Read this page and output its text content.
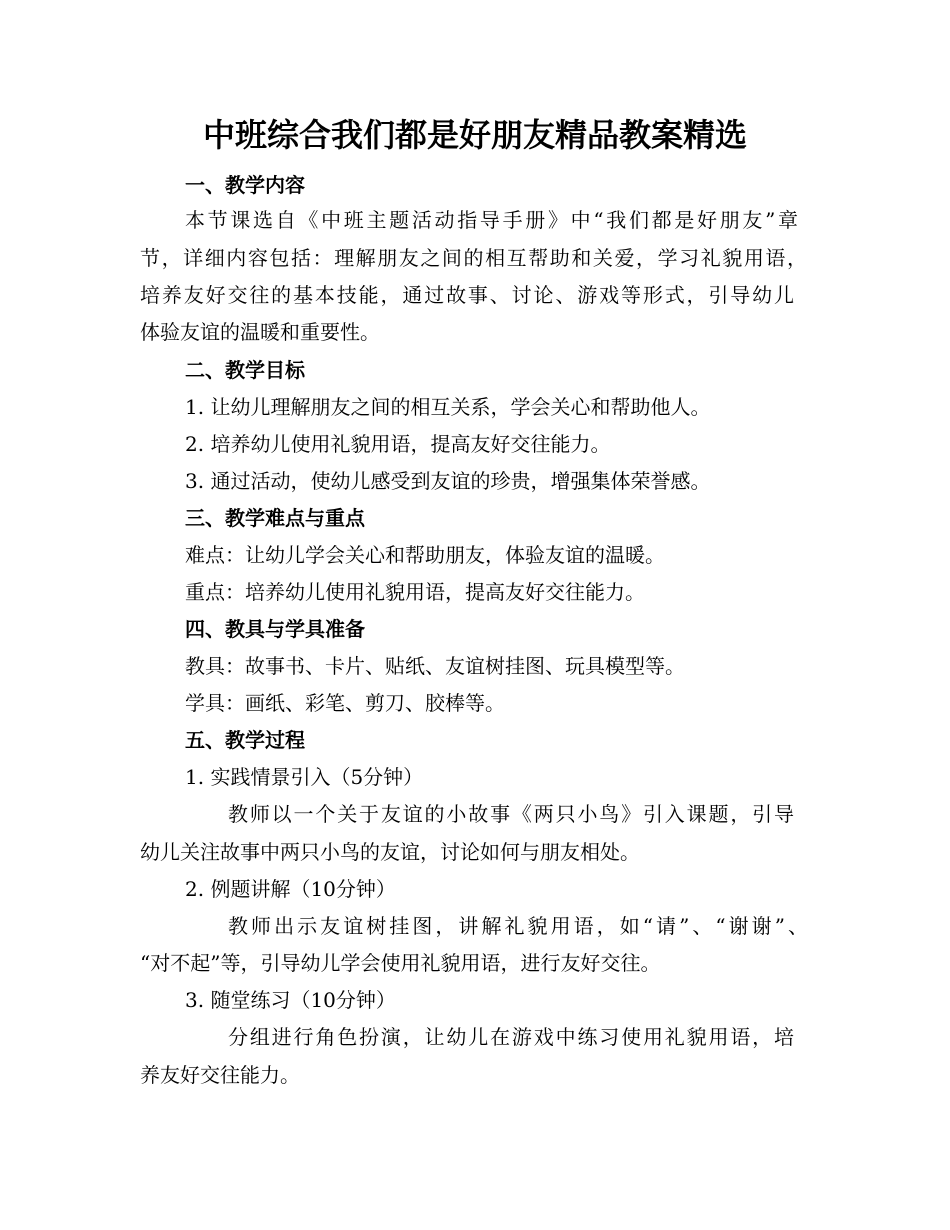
中班综合我们都是好朋友精品教案精选
一、教学内容
本节课选自《中班主题活动指导手册》中“我们都是好朋友”章
节，详细内容包括：理解朋友之间的相互帮助和关爱，学习礼貌用语，
培养友好交往的基本技能，通过故事、讨论、游戏等形式，引导幼儿
体验友谊的温暖和重要性。
二、教学目标
1. 让幼儿理解朋友之间的相互关系，学会关心和帮助他人。
2. 培养幼儿使用礼貌用语，提高友好交往能力。
3. 通过活动，使幼儿感受到友谊的珍贵，增强集体荣誉感。
三、教学难点与重点
难点：让幼儿学会关心和帮助朋友，体验友谊的温暖。
重点：培养幼儿使用礼貌用语，提高友好交往能力。
四、教具与学具准备
教具：故事书、卡片、贴纸、友谊树挂图、玩具模型等。
学具：画纸、彩笔、剪刀、胶棒等。
五、教学过程
1. 实践情景引入（5分钟）
教师以一个关于友谊的小故事《两只小鸟》引入课题，引导
幼儿关注故事中两只小鸟的友谊，讨论如何与朋友相处。
2. 例题讲解（10分钟）
教师出示友谊树挂图，讲解礼貌用语，如“请”、“谢谢”、
“对不起”等，引导幼儿学会使用礼貌用语，进行友好交往。
3. 随堂练习（10分钟）
分组进行角色扮演，让幼儿在游戏中练习使用礼貌用语，培
养友好交往能力。
